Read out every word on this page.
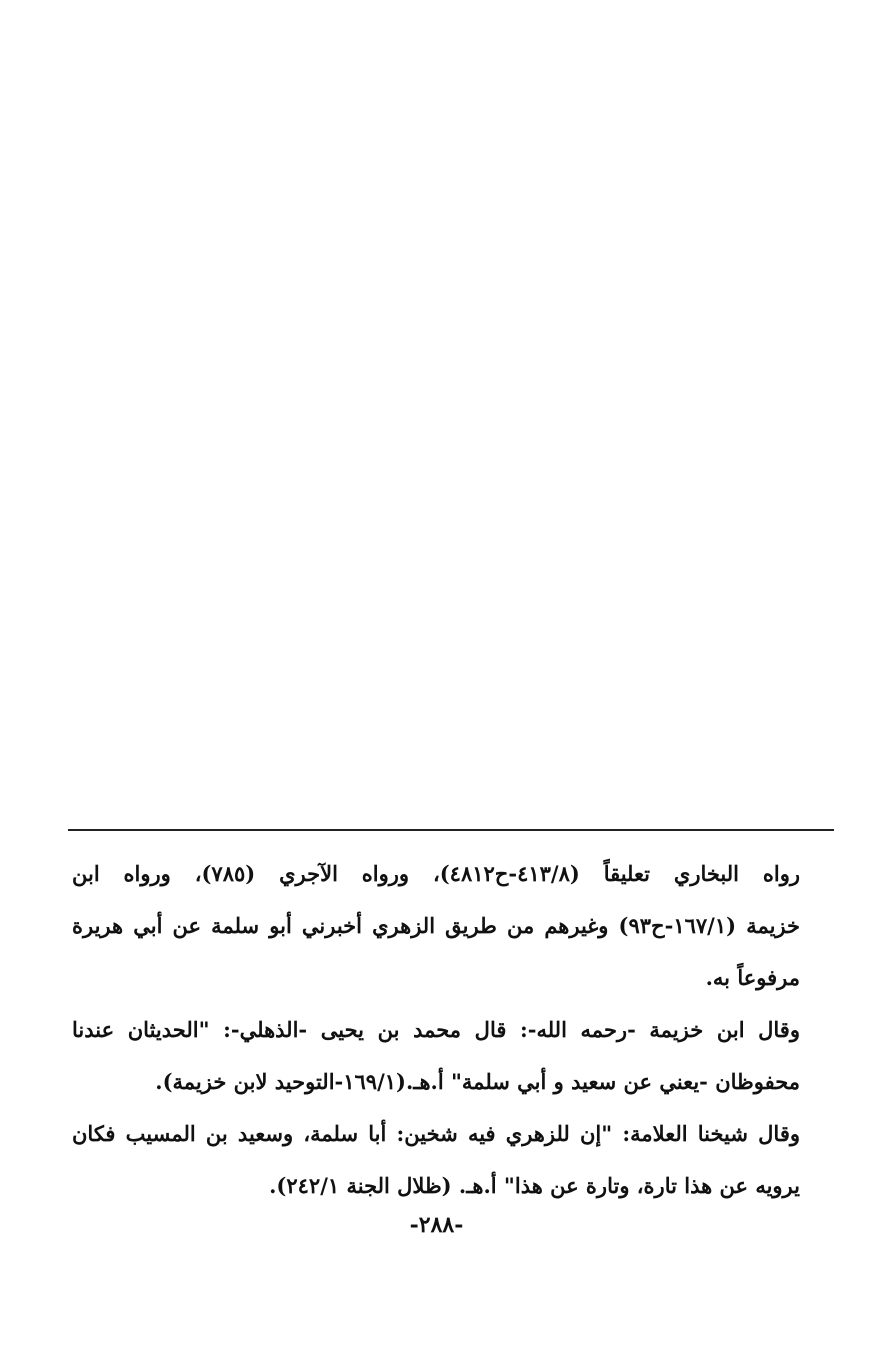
رواه البخاري تعليقاً (٤١٣/٨-ح٤٨١٢)، ورواه الآجري (٧٨٥)، ورواه ابن
خزيمة (١٦٧/١-ح٩٣) وغيرهم من طريق الزهري أخبرني أبو سلمة عن أبي هريرة
مرفوعاً به.
وقال ابن خزيمة -رحمه الله-: قال محمد بن يحيى -الذهلي-: "الحديثان عندنا
محفوظان -يعني عن سعيد و أبي سلمة" أ.هـ.(١٦٩/١-التوحيد لابن خزيمة).
وقال شيخنا العلامة: "إن للزهري فيه شخين: أبا سلمة، وسعيد بن المسيب فكان
يرويه عن هذا تارة، وتارة عن هذا" أ.هـ. (ظلال الجنة ٢٤٢/١).
-٢٨٨-
